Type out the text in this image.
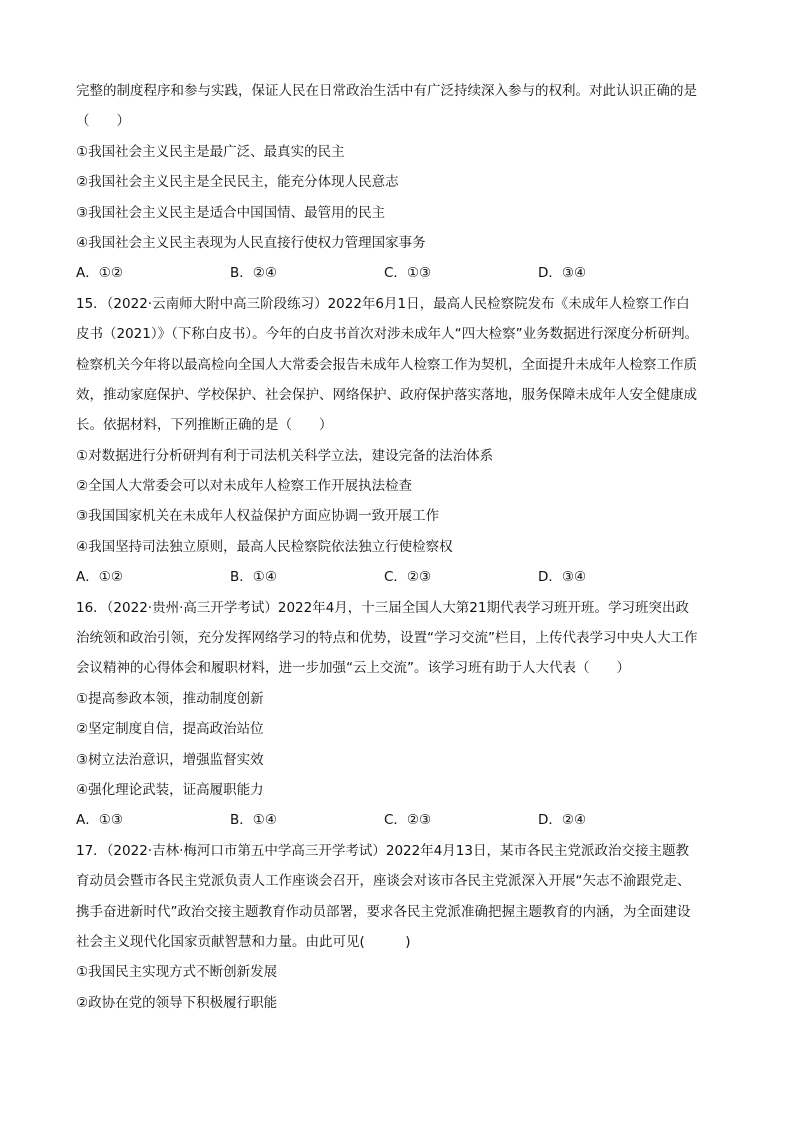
完整的制度程序和参与实践，保证人民在日常政治生活中有广泛持续深入参与的权利。对此认识正确的是
（　　）
①我国社会主义民主是最广泛、最真实的民主
②我国社会主义民主是全民民主，能充分体现人民意志
③我国社会主义民主是适合中国国情、最管用的民主
④我国社会主义民主表现为人民直接行使权力管理国家事务
A．①②	B．②④	C．①③	D．③④
15．（2022·云南师大附中高三阶段练习）2022年6月1日，最高人民检察院发布《未成年人检察工作白
皮书（2021）》（下称白皮书）。今年的白皮书首次对涉未成年人“四大检察”业务数据进行深度分析研判。
检察机关今年将以最高检向全国人大常委会报告未成年人检察工作为契机，全面提升未成年人检察工作质
效，推动家庭保护、学校保护、社会保护、网络保护、政府保护落实落地，服务保障未成年人安全健康成
长。依据材料，下列推断正确的是（　　）
①对数据进行分析研判有利于司法机关科学立法，建设完备的法治体系
②全国人大常委会可以对未成年人检察工作开展执法检查
③我国国家机关在未成年人权益保护方面应协调一致开展工作
④我国坚持司法独立原则，最高人民检察院依法独立行使检察权
A．①②	B．①④	C．②③	D．③④
16．（2022·贵州·高三开学考试）2022年4月，十三届全国人大第21期代表学习班开班。学习班突出政
治统领和政治引领，充分发挥网络学习的特点和优势，设置“学习交流”栏目，上传代表学习中央人大工作
会议精神的心得体会和履职材料，进一步加强“云上交流”。该学习班有助于人大代表（　　）
①提高参政本领，推动制度创新
②坚定制度自信，提高政治站位
③树立法治意识，增强监督实效
④强化理论武装，证高履职能力
A．①③	B．①④	C．②③	D．②④
17．（2022·吉林·梅河口市第五中学高三开学考试）2022年4月13日，某市各民主党派政治交接主题教
育动员会暨市各民主党派负责人工作座谈会召开，座谈会对该市各民主党派深入开展“矢志不渝跟党走、
携手奋进新时代”政治交接主题教育作动员部署，要求各民主党派准确把握主题教育的内涵，为全面建设
社会主义现代化国家贡献智慧和力量。由此可见(　　　)
①我国民主实现方式不断创新发展
②政协在党的领导下积极履行职能
